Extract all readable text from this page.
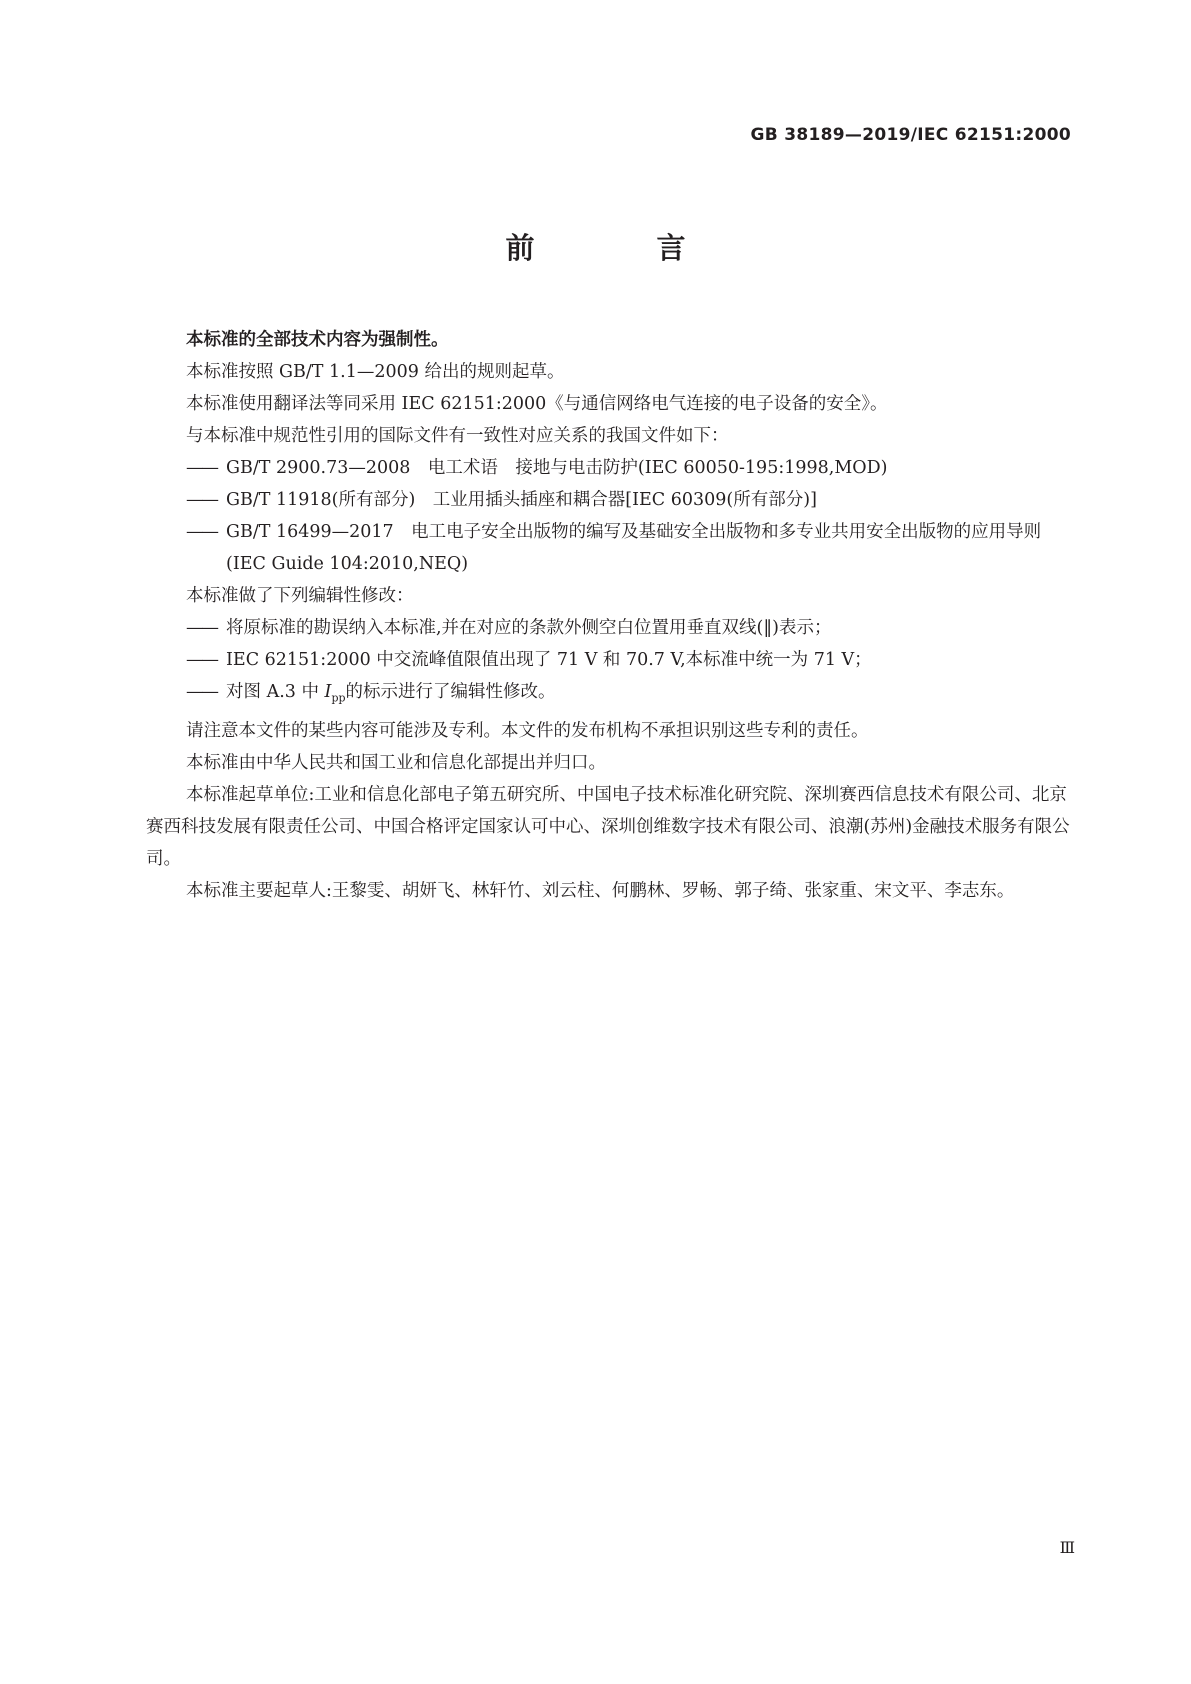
GB 38189—2019/IEC 62151:2000
前 言

本标准的全部技术内容为强制性。

本标准按照 GB/T 1.1—2009 给出的规则起草。

本标准使用翻译法等同采用 IEC 62151:2000《与通信网络电气连接的电子设备的安全》。

与本标准中规范性引用的国际文件有一致性对应关系的我国文件如下：

—— GB/T 2900.73—2008　电工术语　接地与电击防护(IEC 60050-195:1998,MOD)

—— GB/T 11918(所有部分)　工业用插头插座和耦合器[IEC 60309(所有部分)]

—— GB/T 16499—2017　电工电子安全出版物的编写及基础安全出版物和多专业共用安全出版物的应用导则(IEC Guide 104:2010,NEQ)

本标准做了下列编辑性修改：

—— 将原标准的勘误纳入本标准,并在对应的条款外侧空白位置用垂直双线(‖)表示；

—— IEC 62151:2000 中交流峰值限值出现了 71 V 和 70.7 V,本标准中统一为 71 V；

—— 对图 A.3 中 $I_{pp}$的标示进行了编辑性修改。

请注意本文件的某些内容可能涉及专利。本文件的发布机构不承担识别这些专利的责任。

本标准由中华人民共和国工业和信息化部提出并归口。

本标准起草单位:工业和信息化部电子第五研究所、中国电子技术标准化研究院、深圳赛西信息技术有限公司、北京赛西科技发展有限责任公司、中国合格评定国家认可中心、深圳创维数字技术有限公司、浪潮(苏州)金融技术服务有限公司。

本标准主要起草人:王黎雯、胡妍飞、林轩竹、刘云柱、何鹏林、罗畅、郭子绮、张家重、宋文平、李志东。

Ⅲ
